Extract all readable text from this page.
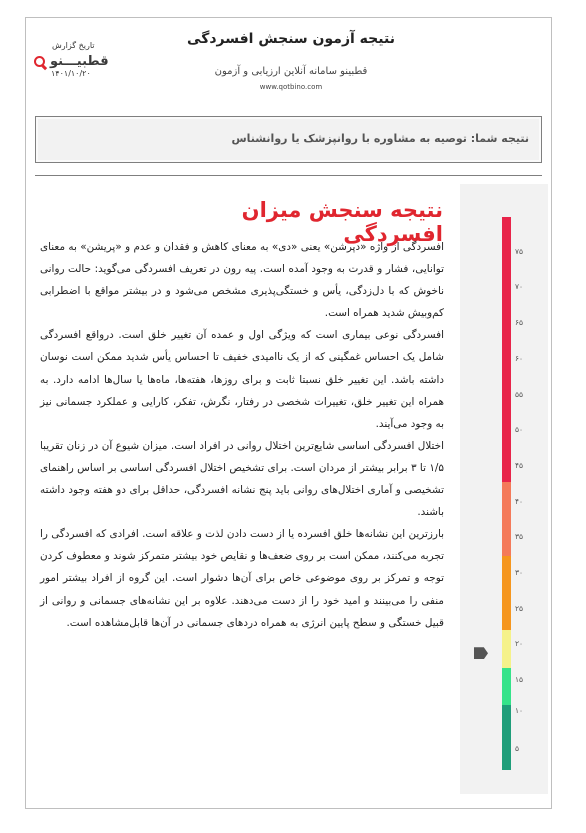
قطبیـــنو
نتیجه آزمون سنجش افسردگی
قطبینو سامانه آنلاین ارزیابی و آزمون
www.qotbino.com
تاریخ گزارش
۱۴۰۱/۱۰/۲۰
نتیجه شما: توصیه به مشاوره با روانپزشک یا روانشناس
نتیجه سنجش میزان افسردگی

افسردگی از واژه «دپرشن» یعنی «دی» به معنای کاهش و فقدان و عدم و «پریشن» به معنای توانایی، فشار و قدرت به وجود آمده است. پیه رون در تعریف افسردگی می‌گوید: حالت روانی ناخوش که با دل‌زدگی، یأس و خستگی‌پذیری مشخص می‌شود و در بیشتر مواقع با اضطرابی کم‌وبیش شدید همراه است.

افسردگی نوعی بیماری است که ویژگی اول و عمده آن تغییر خلق است. درواقع افسردگی شامل یک احساس غمگینی که از یک ناامیدی خفیف تا احساس یأس شدید ممکن است نوسان داشته باشد. این تغییر خلق نسبتا ثابت و برای روزها، هفته‌ها، ماه‌ها یا سال‌ها ادامه دارد. به همراه این تغییر خلق، تغییرات شخصی در رفتار، نگرش، تفکر، کارایی و عملکرد جسمانی نیز به وجود می‌آیند.

اختلال افسردگی اساسی شایع‌ترین اختلال روانی در افراد است. میزان شیوع آن در زنان تقریبا ۱/۵ تا ۳ برابر بیشتر از مردان است. برای تشخیص اختلال افسردگی اساسی بر اساس راهنمای تشخیصی و آماری اختلال‌های روانی باید پنج نشانه افسردگی، حداقل برای دو هفته وجود داشته باشند.

بارزترین این نشانه‌ها خلق افسرده یا از دست دادن لذت و علاقه است. افرادی که افسردگی را تجربه می‌کنند، ممکن است بر روی ضعف‌ها و نقایص خود بیشتر متمرکز شوند و معطوف کردن توجه و تمرکز بر روی موضوعی خاص برای آن‌ها دشوار است. این گروه از افراد بیشتر امور منفی را می‌بینند و امید خود را از دست می‌دهند. علاوه بر این نشانه‌های جسمانی و روانی از قبیل خستگی و سطح پایین انرژی به همراه دردهای جسمانی در آن‌ها قابل‌مشاهده است.

۷۵
۷۰
۶۵
۶۰
۵۵
۵۰
۴۵
۴۰
۳۵
۳۰
۲۵
۲۰
۱۵
۱۰
۵
